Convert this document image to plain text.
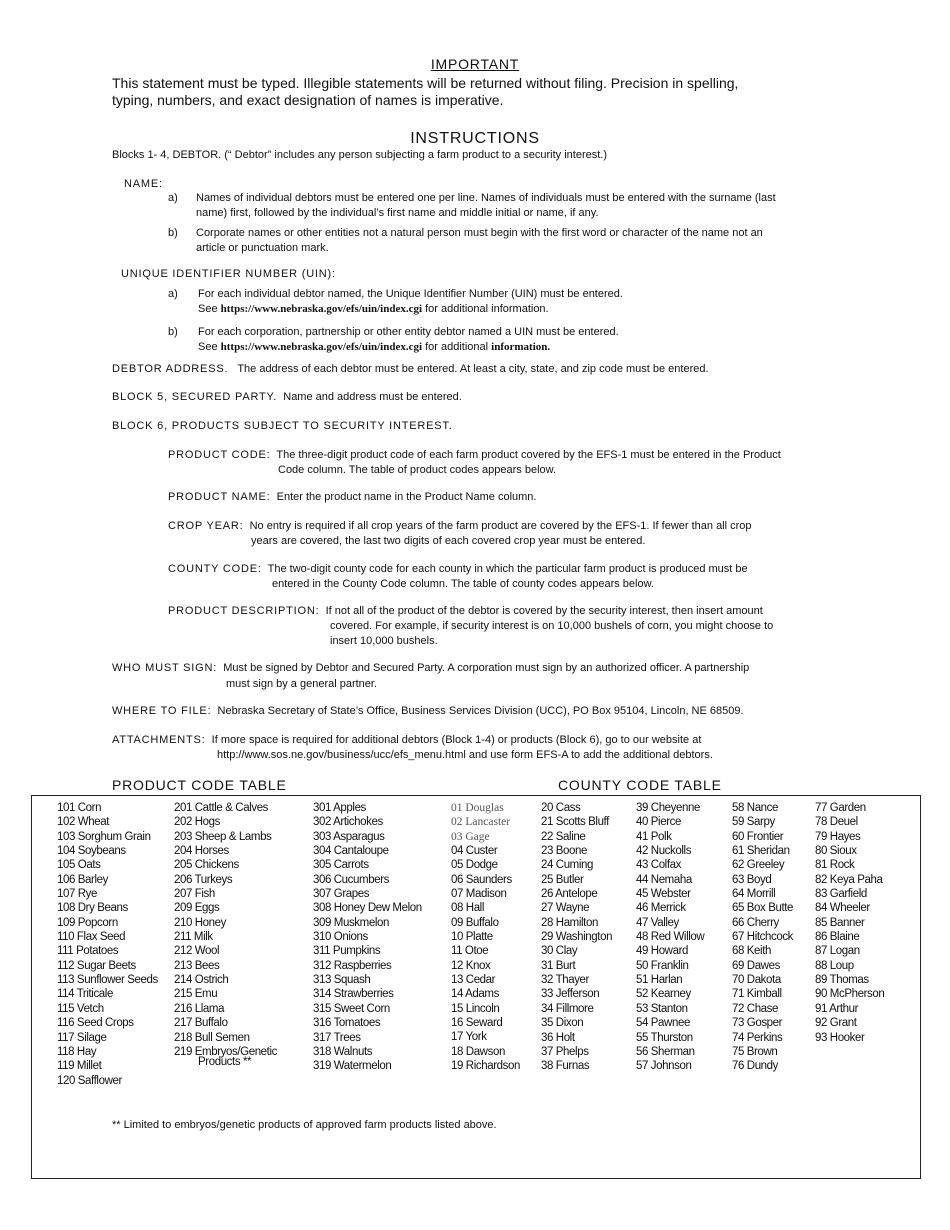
IMPORTANT
This statement must be typed. Illegible statements will be returned without filing. Precision in spelling,
typing, numbers, and exact designation of names is imperative.
INSTRUCTIONS
Blocks 1- 4, DEBTOR. (“ Debtor” includes any person subjecting a farm product to a security interest.)
NAME:
a) Names of individual debtors must be entered one per line. Names of individuals must be entered with the surname (last
name) first, followed by the individual’s first name and middle initial or name, if any.
b) Corporate names or other entities not a natural person must begin with the first word or character of the name not an
article or punctuation mark.
UNIQUE IDENTIFIER NUMBER (UIN):
a) For each individual debtor named, the Unique Identifier Number (UIN) must be entered.
See https://www.nebraska.gov/efs/uin/index.cgi for additional information.
b) For each corporation, partnership or other entity debtor named a UIN must be entered.
See https://www.nebraska.gov/efs/uin/index.cgi for additional information.
DEBTOR ADDRESS. The address of each debtor must be entered. At least a city, state, and zip code must be entered.
BLOCK 5, SECURED PARTY. Name and address must be entered.
BLOCK 6, PRODUCTS SUBJECT TO SECURITY INTEREST.
PRODUCT CODE: The three-digit product code of each farm product covered by the EFS-1 must be entered in the Product
Code column. The table of product codes appears below.
PRODUCT NAME: Enter the product name in the Product Name column.
CROP YEAR: No entry is required if all crop years of the farm product are covered by the EFS-1. If fewer than all crop
years are covered, the last two digits of each covered crop year must be entered.
COUNTY CODE: The two-digit county code for each county in which the particular farm product is produced must be
entered in the County Code column. The table of county codes appears below.
PRODUCT DESCRIPTION: If not all of the product of the debtor is covered by the security interest, then insert amount
covered. For example, if security interest is on 10,000 bushels of corn, you might choose to
insert 10,000 bushels.
WHO MUST SIGN: Must be signed by Debtor and Secured Party. A corporation must sign by an authorized officer. A partnership
must sign by a general partner.
WHERE TO FILE: Nebraska Secretary of State’s Office, Business Services Division (UCC), PO Box 95104, Lincoln, NE 68509.
ATTACHMENTS: If more space is required for additional debtors (Block 1-4) or products (Block 6), go to our website at
http://www.sos.ne.gov/business/ucc/efs_menu.html and use form EFS-A to add the additional debtors.
PRODUCT CODE TABLE	COUNTY CODE TABLE
101 Corn
102 Wheat
103 Sorghum Grain
104 Soybeans
105 Oats
106 Barley
107 Rye
108 Dry Beans
109 Popcorn
110 Flax Seed
111 Potatoes
112 Sugar Beets
113 Sunflower Seeds
114 Triticale
115 Vetch
116 Seed Crops
117 Silage
118 Hay
119 Millet
120 Safflower
201 Cattle & Calves
202 Hogs
203 Sheep & Lambs
204 Horses
205 Chickens
206 Turkeys
207 Fish
209 Eggs
210 Honey
211 Milk
212 Wool
213 Bees
214 Ostrich
215 Emu
216 Llama
217 Buffalo
218 Bull Semen
219 Embryos/Genetic
Products **
301 Apples
302 Artichokes
303 Asparagus
304 Cantaloupe
305 Carrots
306 Cucumbers
307 Grapes
308 Honey Dew Melon
309 Muskmelon
310 Onions
311 Pumpkins
312 Raspberries
313 Squash
314 Strawberries
315 Sweet Corn
316 Tomatoes
317 Trees
318 Walnuts
319 Watermelon
01 Douglas
02 Lancaster
03 Gage
04 Custer
05 Dodge
06 Saunders
07 Madison
08 Hall
09 Buffalo
10 Platte
11 Otoe
12 Knox
13 Cedar
14 Adams
15 Lincoln
16 Seward
17 York
18 Dawson
19 Richardson
20 Cass
21 Scotts Bluff
22 Saline
23 Boone
24 Cuming
25 Butler
26 Antelope
27 Wayne
28 Hamilton
29 Washington
30 Clay
31 Burt
32 Thayer
33 Jefferson
34 Fillmore
35 Dixon
36 Holt
37 Phelps
38 Furnas
39 Cheyenne
40 Pierce
41 Polk
42 Nuckolls
43 Colfax
44 Nemaha
45 Webster
46 Merrick
47 Valley
48 Red Willow
49 Howard
50 Franklin
51 Harlan
52 Kearney
53 Stanton
54 Pawnee
55 Thurston
56 Sherman
57 Johnson
58 Nance
59 Sarpy
60 Frontier
61 Sheridan
62 Greeley
63 Boyd
64 Morrill
65 Box Butte
66 Cherry
67 Hitchcock
68 Keith
69 Dawes
70 Dakota
71 Kimball
72 Chase
73 Gosper
74 Perkins
75 Brown
76 Dundy
77 Garden
78 Deuel
79 Hayes
80 Sioux
81 Rock
82 Keya Paha
83 Garfield
84 Wheeler
85 Banner
86 Blaine
87 Logan
88 Loup
89 Thomas
90 McPherson
91 Arthur
92 Grant
93 Hooker
** Limited to embryos/genetic products of approved farm products listed above.
